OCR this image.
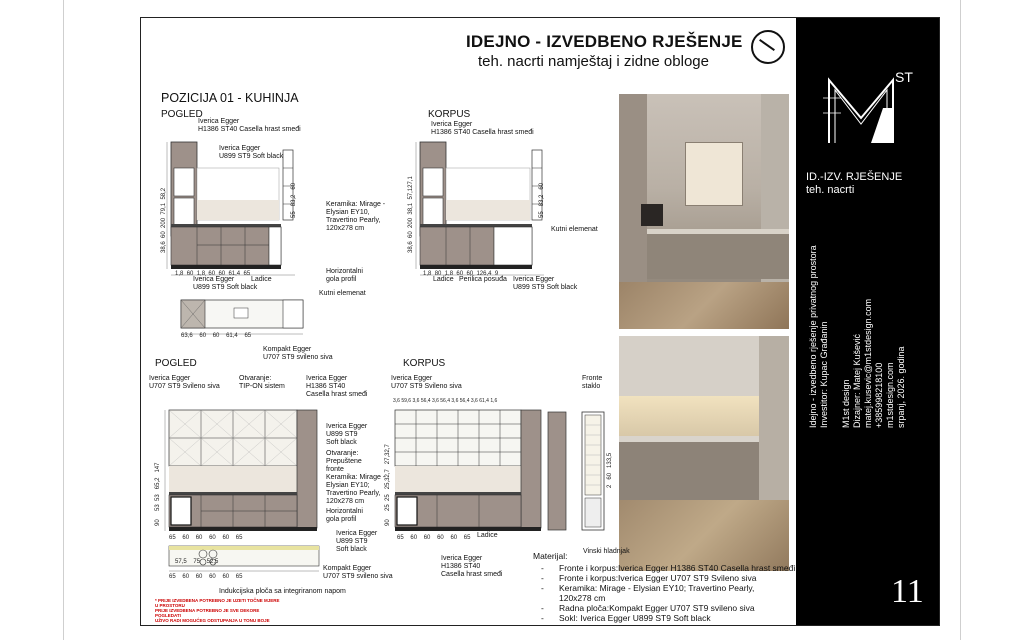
IDEJNO - IZVEDBENO RJEŠENJE
teh. nacrti namještaj i zidne obloge
POZICIJA 01 - KUHINJA
POGLED	KORPUS
POGLED	KORPUS
Iverica Egger
H1386 ST40 Casella hrast smeđi
Iverica Egger
U899 ST9 Soft black
Keramika: Mirage -
Elysian EY10,
Travertino Pearly,
120x278 cm
Horizontalni
gola profil
Iverica Egger
U899 ST9 Soft black
Ladice
Kutni elemenat
Kompakt Egger
U707 ST9 svileno siva
Iverica Egger
H1386 ST40 Casella hrast smeđi
Kutni elemenat
Ladice Perilica posuđa Iverica Egger
U899 ST9 Soft black
Iverica Egger
U707 ST9 Svileno siva
Otvaranje:
TIP-ON sistem
Iverica Egger
H1386 ST40
Casella hrast smeđi
Iverica Egger
U899 ST9
Soft black
Otvaranje:
Prepuštene
fronte
Keramika: Mirage -
Elysian EY10;
Travertino Pearly,
120x278 cm
Horizontalni
gola profil
Iverica Egger
U899 ST9
Soft black
Kompakt Egger
U707 ST9 svileno siva
Indukcijska ploča sa integriranom napom
Iverica Egger
U707 ST9 Svileno siva
Fronte
staklo
Ladice
Iverica Egger
H1386 ST40
Casella hrast smeđi
Vinski hladnjak
1,8 60 1,8 60 60 61,4 65
63,6 60 60 61,4 65
1,8 80 1,8 60 60 126,4 9
65 60 60 60 60 65
57,5 75 52,5
65 60 60 60 60 65
3,6 59,6 3,6 56,4 3,6 56,4 3,6 56,4 3,6 61,4 1,6
65 60 60 60 60 65
38,6  60  200  79,1  58,2
55   83,2   60
38,6  60  200  38,1  57,127,1
55   83,2   60
90     53  53   65,2   147
90     25  25   25,32,7   27,32,7
2   60   133,5
* PRIJE IZVEDBENA POTREBNO JE UZETI TOČNE MJERE
U PROSTORU
PRIJE IZVEDBENA POTREBNO JE SVE DEKORE
POGLEDATI
UŽIVO RADI MOGUĆEG ODSTUPANJA U TONU BOJE
Materijal:
- Fronte i korpus:Iverica Egger H1386 ST40 Casella hrast smeđi
- Fronte i korpus:Iverica Egger U707 ST9 Svileno siva
- Keramika: Mirage - Elysian EY10; Travertino Pearly,
120x278 cm
- Radna ploča:Kompakt Egger U707 ST9 svileno siva
- Sokl: Iverica Egger U899 ST9 Soft black
ST
ID.-IZV. RJEŠENJE
teh. nacrti
Idejno - izvedbeno rješenje privatnog prostora Investitor: Kupac Građanin M1st design Dizajner: Matej Kušević matej.kusevic@m1stdesign.com +385998218100 m1stdesign.com srpanj, 2026. godina
11
